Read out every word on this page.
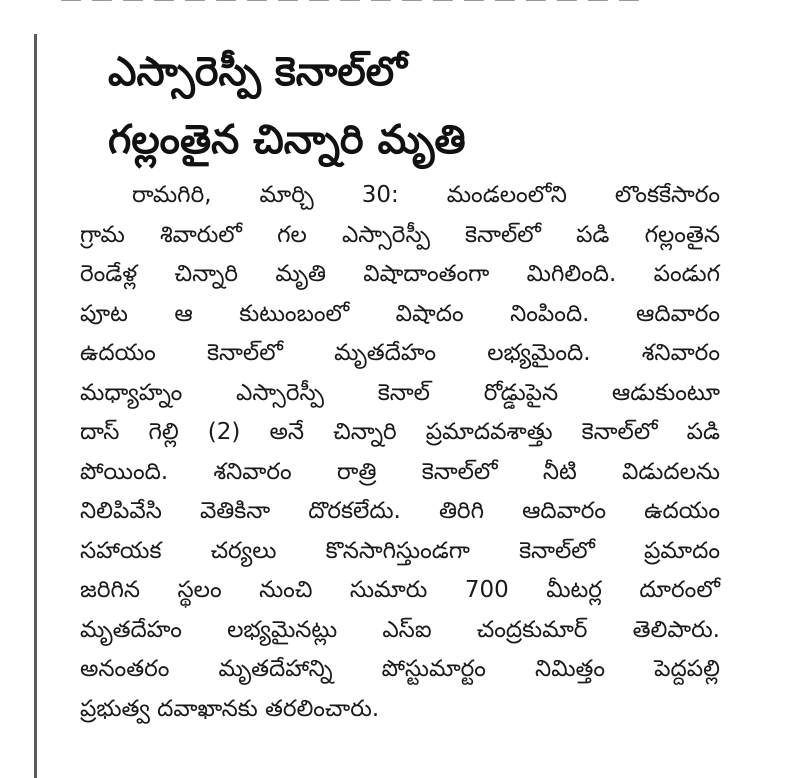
ఎస్సారెస్పీ కెనాల్‌లో
గల్లంతైన చిన్నారి మృతి
రామగిరి, మార్చి 30: మండలంలోని లొంకకేసారం
గ్రామ శివారులో గల ఎస్సారెస్పీ కెనాల్‌లో పడి గల్లంతైన
రెండేళ్ల చిన్నారి మృతి విషాదాంతంగా మిగిలింది. పండుగ
పూట ఆ కుటుంబంలో విషాదం నింపింది. ఆదివారం
ఉదయం కెనాల్‌లో మృతదేహం లభ్యమైంది. శనివారం
మధ్యాహ్నం ఎస్సారెస్పీ కెనాల్ రోడ్డుపైన ఆడుకుంటూ
దాస్ గెల్లి (2) అనే చిన్నారి ప్రమాదవశాత్తు కెనాల్‌లో పడి
పోయింది. శనివారం రాత్రి కెనాల్‌లో నీటి విడుదలను
నిలిపివేసి వెతికినా దొరకలేదు. తిరిగి ఆదివారం ఉదయం
సహాయక చర్యలు కొనసాగిస్తుండగా కెనాల్‌లో ప్రమాదం
జరిగిన స్థలం నుంచి సుమారు 700 మీటర్ల దూరంలో
మృతదేహం లభ్యమైనట్లు ఎస్ఐ చంద్రకుమార్ తెలిపారు.
అనంతరం మృతదేహాన్ని పోస్టుమార్టం నిమిత్తం పెద్దపల్లి
ప్రభుత్వ దవాఖానకు తరలించారు.
